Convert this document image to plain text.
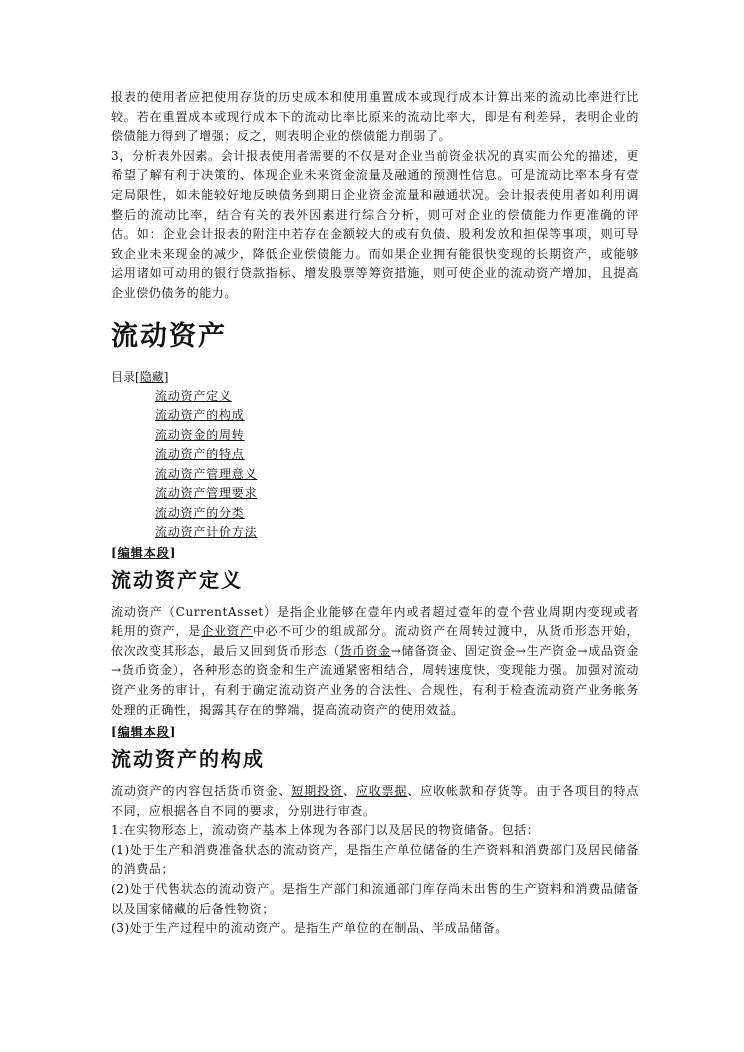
报表的使用者应把使用存货的历史成本和使用重置成本或现行成本计算出来的流动比率进行比较。若在重置成本或现行成本下的流动比率比原来的流动比率大，即是有利差异，表明企业的偿债能力得到了增强；反之，则表明企业的偿债能力削弱了。

3，分析表外因素。会计报表使用者需要的不仅是对企业当前资金状况的真实而公允的描述，更希望了解有利于决策的、体现企业未来资金流量及融通的预测性信息。可是流动比率本身有壹定局限性，如未能较好地反映债务到期日企业资金流量和融通状况。会计报表使用者如利用调整后的流动比率，结合有关的表外因素进行综合分析，则可对企业的偿债能力作更准确的评估。如：企业会计报表的附注中若存在金额较大的或有负债、股利发放和担保等事项，则可导致企业未来现金的减少，降低企业偿债能力。而如果企业拥有能很快变现的长期资产，或能够运用诸如可动用的银行贷款指标、增发股票等筹资措施，则可使企业的流动资产增加，且提高企业偿仍债务的能力。

流动资产
目录[隐藏]
流动资产定义
流动资产的构成
流动资金的周转
流动资产的特点
流动资产管理意义
流动资产管理要求
流动资产的分类
流动资产计价方法
[编辑本段]
流动资产定义

流动资产（CurrentAsset）是指企业能够在壹年内或者超过壹年的壹个营业周期内变现或者耗用的资产，是企业资产中必不可少的组成部分。流动资产在周转过渡中，从货币形态开始，依次改变其形态，最后又回到货币形态（货币资金→储备资金、固定资金→生产资金→成品资金→货币资金），各种形态的资金和生产流通紧密相结合，周转速度快，变现能力强。加强对流动资产业务的审计，有利于确定流动资产业务的合法性、合规性，有利于检查流动资产业务帐务处理的正确性，揭露其存在的弊端，提高流动资产的使用效益。

[编辑本段]
流动资产的构成

流动资产的内容包括货币资金、短期投资、应收票据、应收帐款和存货等。由于各项目的特点不同，应根据各自不同的要求，分别进行审查。

1.在实物形态上，流动资产基本上体现为各部门以及居民的物资储备。包括：

(1)处于生产和消费准备状态的流动资产，是指生产单位储备的生产资料和消费部门及居民储备的消费品；

(2)处于代售状态的流动资产。是指生产部门和流通部门库存尚未出售的生产资料和消费品储备以及国家储藏的后备性物资；

(3)处于生产过程中的流动资产。是指生产单位的在制品、半成品储备。
